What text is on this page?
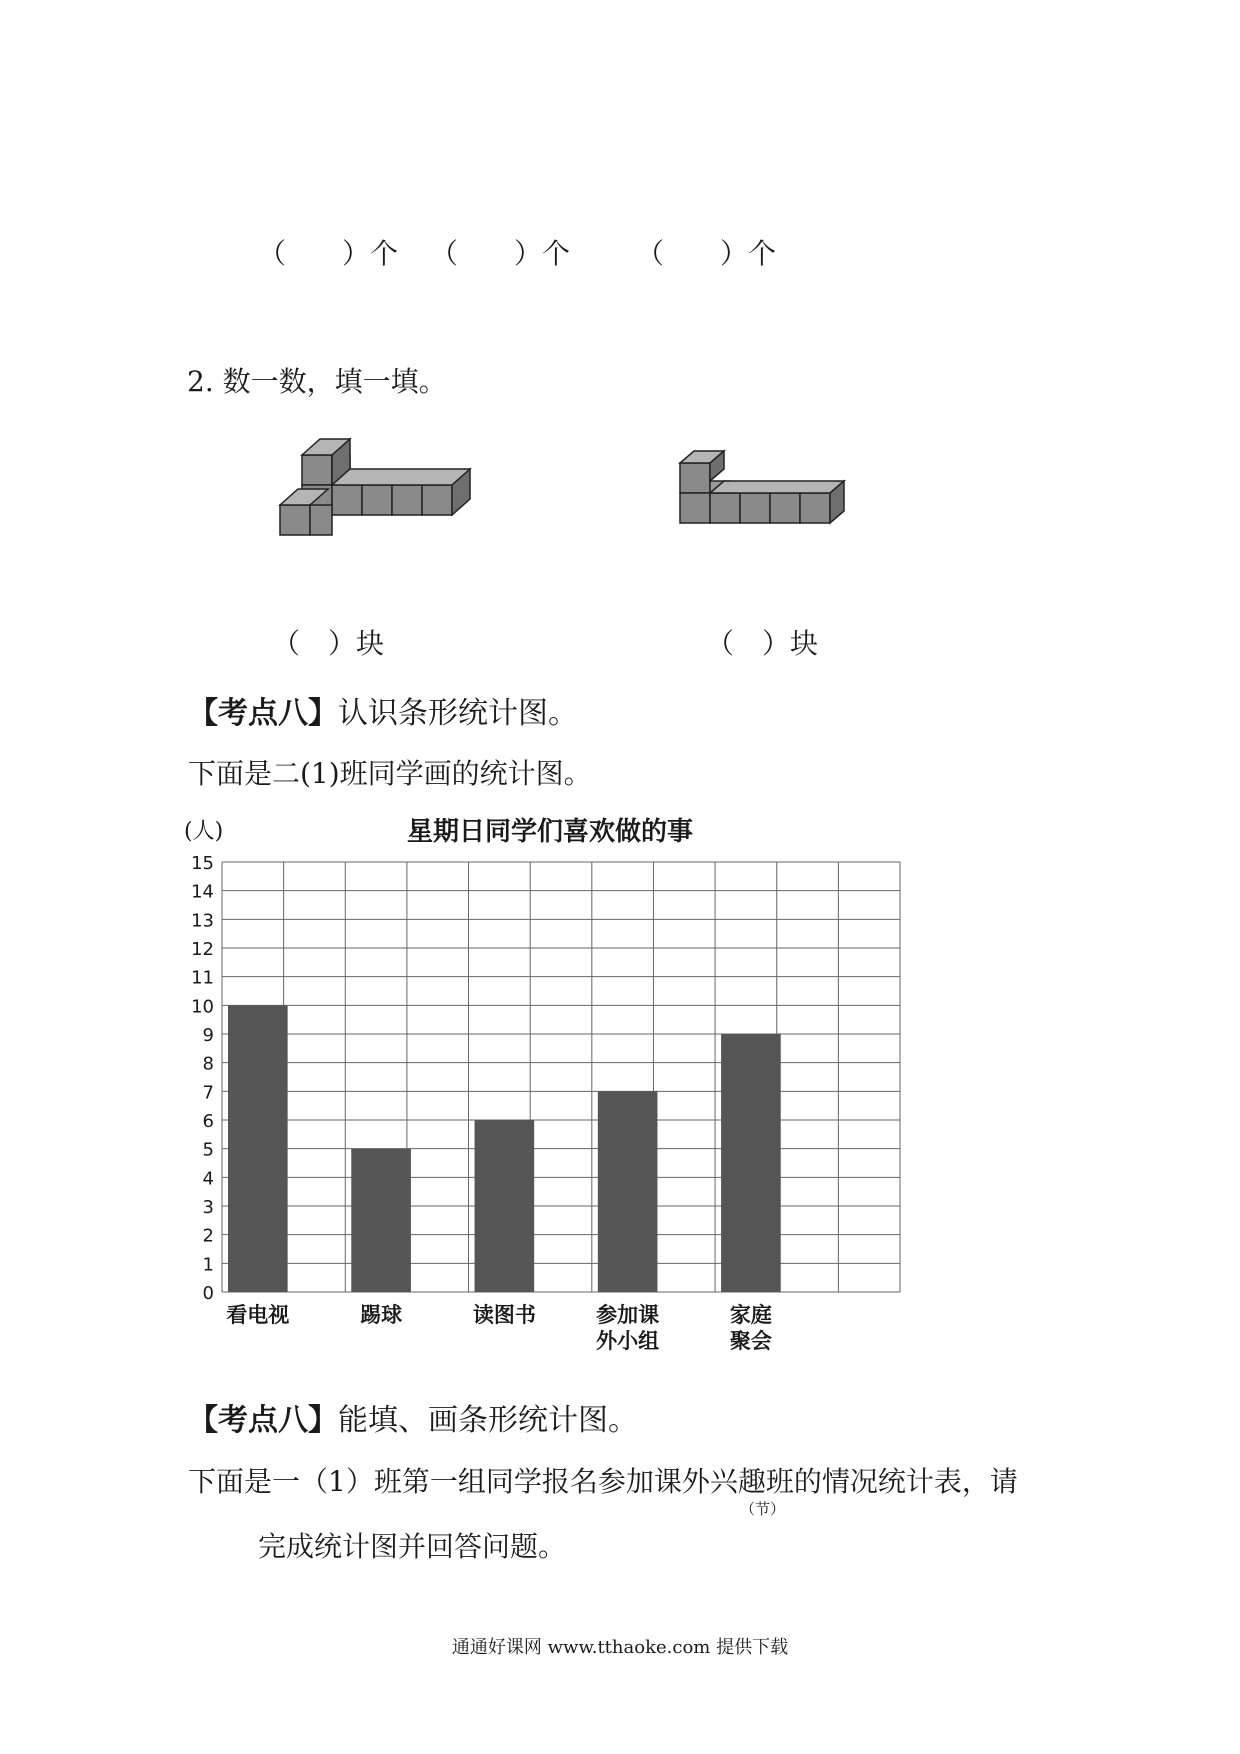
（　　）个 （　　）个 （　　）个
2. 数一数，填一填。
（　）块	（　）块
【考点八】认识条形统计图。
下面是二(1)班同学画的统计图。
星期日同学们喜欢做的事
(人)
0
1
2
3
4
5
6
7
8
9
10
11
12
13
14
15
看电视	踢球	读图书	参加课
外小组
家庭
聚会
【考点八】能填、画条形统计图。
下面是一（1）班第一组同学报名参加课外兴趣班的情况统计表，请
（节）
完成统计图并回答问题。
通通好课网 www.tthaoke.com 提供下载
